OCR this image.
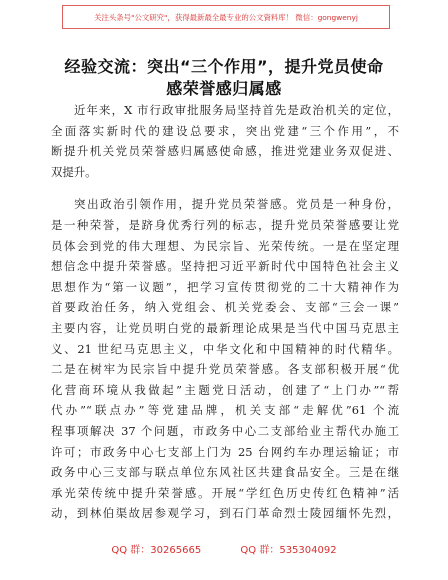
关注头条号"公文研究"，获得最新最全最专业的公文資料库！ 微信：gongwenyj
经验交流：突出“三个作用”，提升党员使命
感荣誉感归属感
近年来，X 市行政审批服务局坚持首先是政治机关的定位，
全面落实新时代的建设总要求，突出党建“三个作用”，不
断提升机关党员荣誉感归属感使命感，推进党建业务双促进、
双提升。
突出政治引领作用，提升党员荣誉感。党员是一种身份，
是一种荣誉，是跻身优秀行列的标志，提升党员荣誉感要让党
员体会到党的伟大理想、为民宗旨、光荣传统。一是在坚定理
想信念中提升荣誉感。坚持把习近平新时代中国特色社会主义
思想作为“第一议题”，把学习宣传贯彻党的二十大精神作为
首要政治任务，纳入党组会、机关党委会、支部“三会一课”
主要内容，让党员明白党的最新理论成果是当代中国马克思主
义、21 世纪马克思主义，中华文化和中国精神的时代精华。
二是在树牢为民宗旨中提升党员荣誉感。各支部积极开展“优
化营商环境从我做起”主题党日活动，创建了“上门办”“帮
代办”“联点办”等党建品牌，机关支部“走解优”61 个流
程事项解决 37 个问题，市政务中心二支部给业主帮代办施工
许可；市政务中心七支部上门为 25 台网约车办理运输证；市
政务中心三支部与联点单位东风社区共建食品安全。三是在继
承光荣传统中提升荣誉感。开展“学红色历史传红色精神”活
动，到林伯渠故居参观学习，到石门革命烈士陵园缅怀先烈，
QQ 群：30265665	QQ 群：535304092
